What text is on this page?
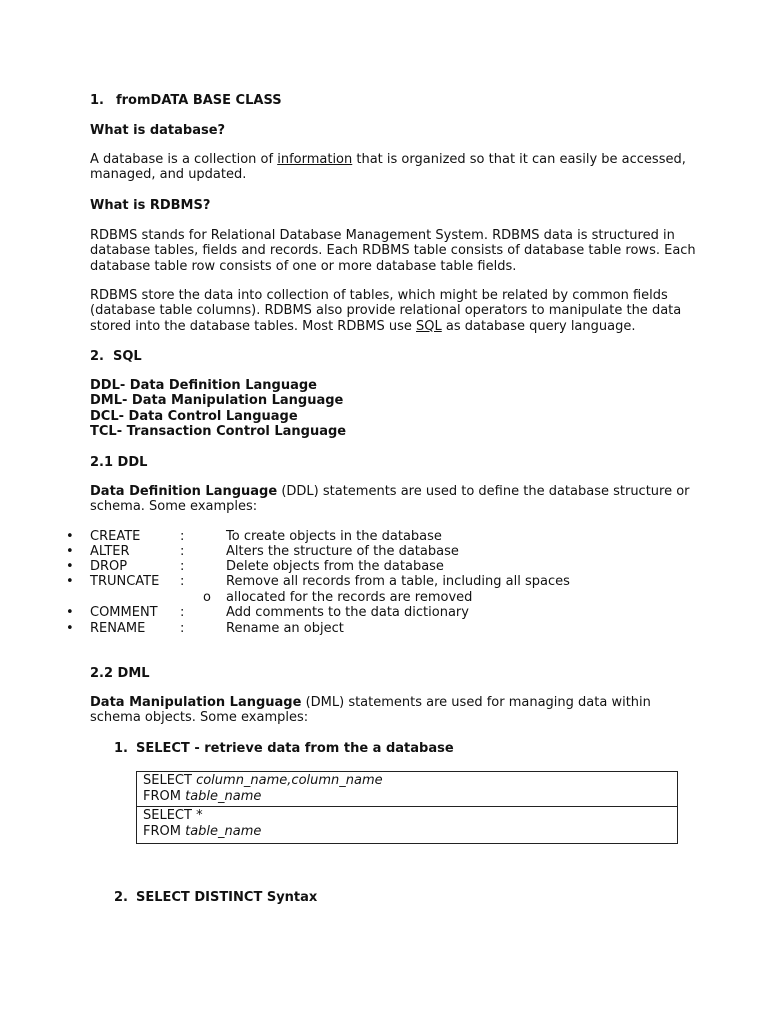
1. fromDATA BASE CLASS
What is database?
A database is a collection of information that is organized so that it can easily be accessed,
managed, and updated.
What is RDBMS?
RDBMS stands for Relational Database Management System. RDBMS data is structured in
database tables, fields and records. Each RDBMS table consists of database table rows. Each
database table row consists of one or more database table fields.
RDBMS store the data into collection of tables, which might be related by common fields
(database table columns). RDBMS also provide relational operators to manipulate the data
stored into the database tables. Most RDBMS use SQL as database query language.
2. SQL
DDL- Data Definition Language
DML- Data Manipulation Language
DCL- Data Control Language
TCL- Transaction Control Language
2.1 DDL
Data Definition Language (DDL) statements are used to define the database structure or
schema. Some examples:
• CREATE	:	To create objects in the database
• ALTER	:	Alters the structure of the database
• DROP	:	Delete objects from the database
• TRUNCATE :	Remove all records from a table, including all spaces
o allocated for the records are removed
• COMMENT :	Add comments to the data dictionary
• RENAME	:	Rename an object
2.2 DML
Data Manipulation Language (DML) statements are used for managing data within
schema objects. Some examples:
1. SELECT - retrieve data from the a database
SELECT column_name,column_name
FROM table_name
SELECT *
FROM table_name
2. SELECT DISTINCT Syntax
